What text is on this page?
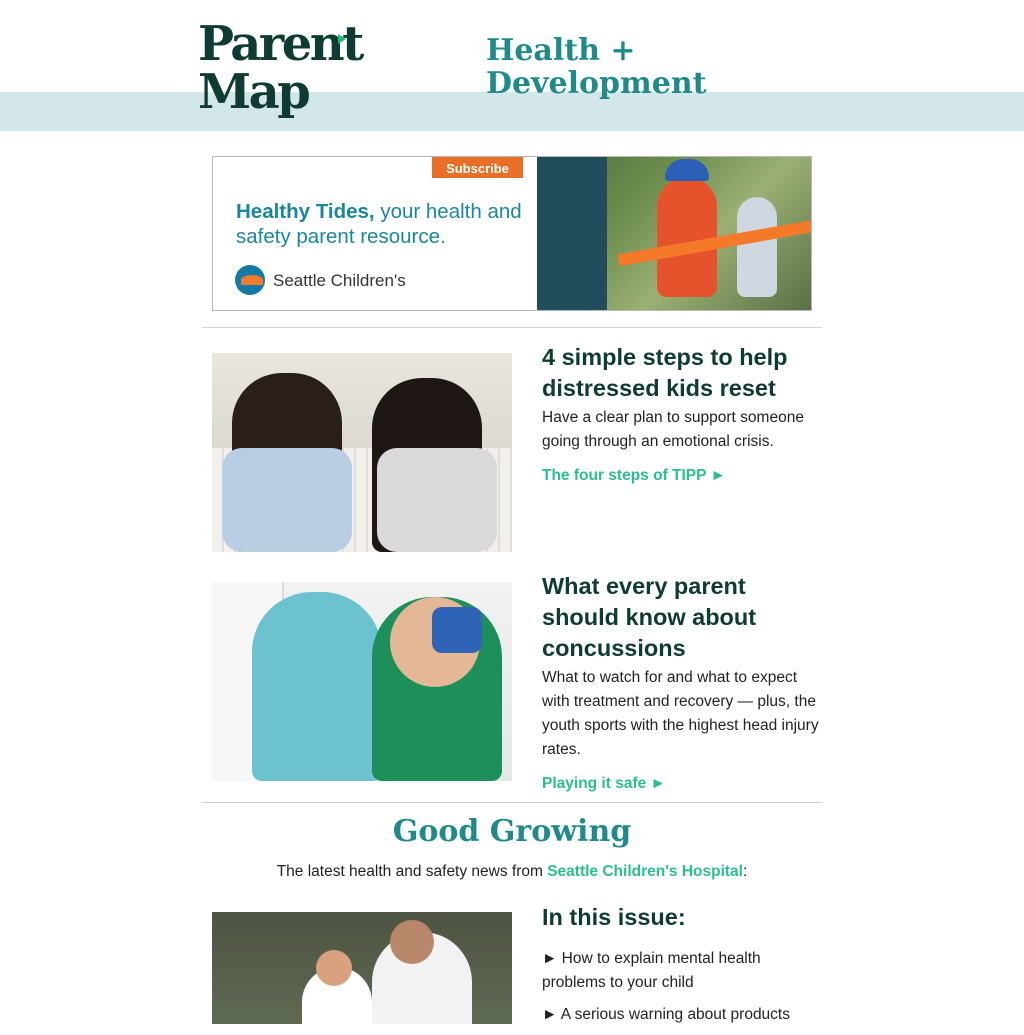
Parent
Map
Health + Development
Subscribe
Healthy Tides, your health and safety parent resource.
Seattle Children's
4 simple steps to help distressed kids reset

Have a clear plan to support someone going through an emotional crisis.

The four steps of TIPP ►
What every parent should know about concussions

What to watch for and what to expect with treatment and recovery — plus, the youth sports with the highest head injury rates.

Playing it safe ►
Good Growing
The latest health and safety news from Seattle Children's Hospital:
In this issue:
► How to explain mental health problems to your child
► A serious warning about products
